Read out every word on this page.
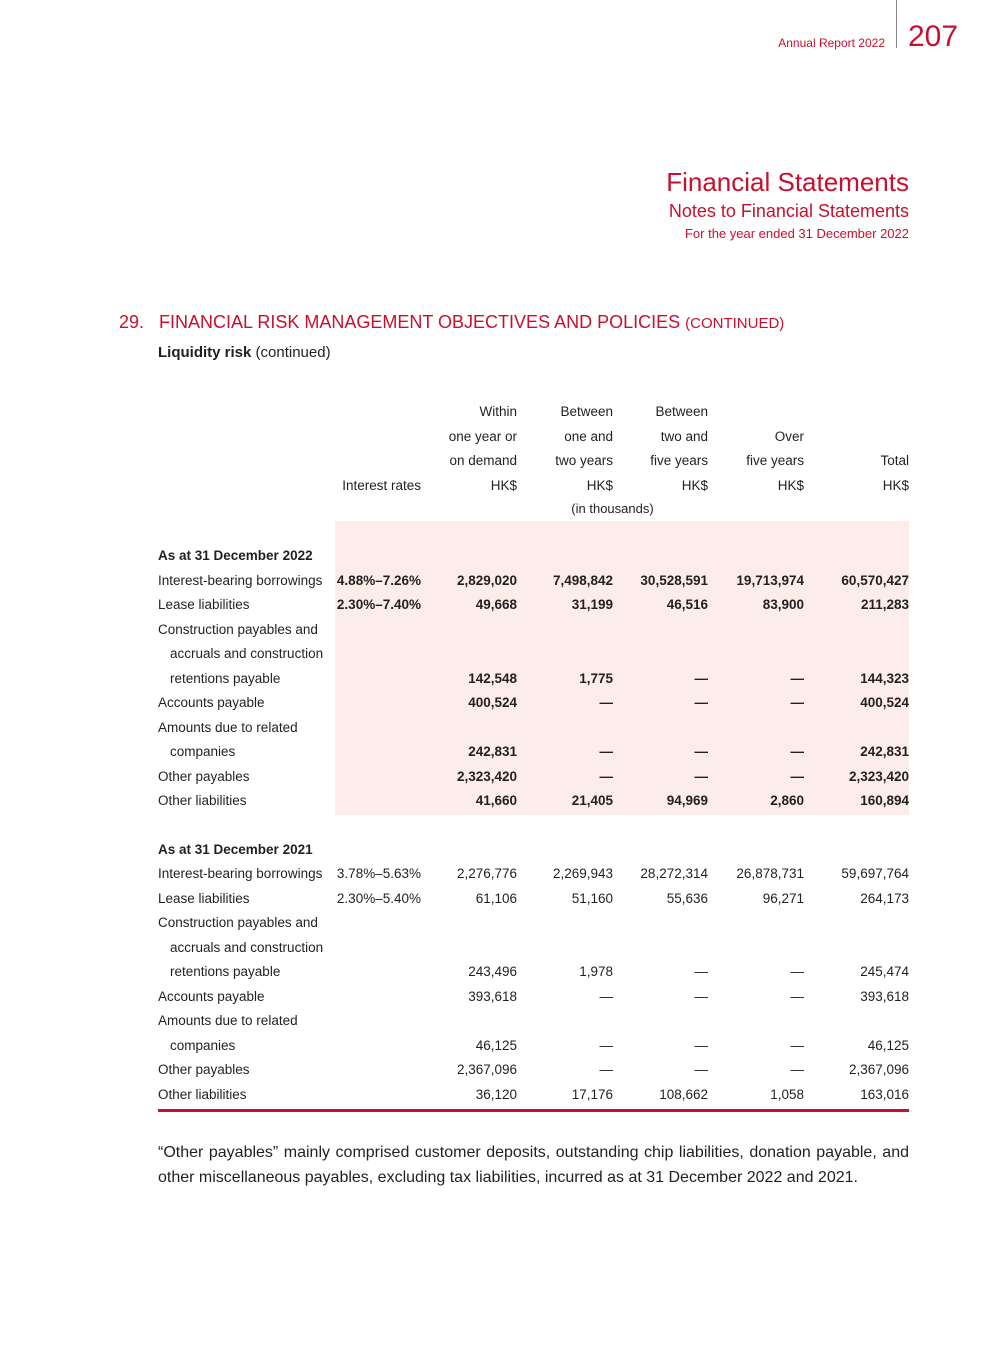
Annual Report 2022 207
Financial Statements
Notes to Financial Statements
For the year ended 31 December 2022
29. FINANCIAL RISK MANAGEMENT OBJECTIVES AND POLICIES (CONTINUED)
Liquidity risk (continued)
		Within	Between	Between		
		one year or	one and	two and	Over	
		on demand	two years	five years	five years	Total
	Interest rates	HK$	HK$	HK$	HK$	HK$
		(in thousands)				

As at 31 December 2022						
Interest-bearing borrowings	4.88%–7.26%	2,829,020	7,498,842	30,528,591	19,713,974	60,570,427
Lease liabilities	2.30%–7.40%	49,668	31,199	46,516	83,900	211,283
Construction payables and						
accruals and construction						
retentions payable		142,548	1,775	—	—	144,323
Accounts payable		400,524	—	—	—	400,524
Amounts due to related						
companies		242,831	—	—	—	242,831
Other payables		2,323,420	—	—	—	2,323,420
Other liabilities		41,660	21,405	94,969	2,860	160,894

As at 31 December 2021						
Interest-bearing borrowings	3.78%–5.63%	2,276,776	2,269,943	28,272,314	26,878,731	59,697,764
Lease liabilities	2.30%–5.40%	61,106	51,160	55,636	96,271	264,173
Construction payables and						
accruals and construction						
retentions payable		243,496	1,978	—	—	245,474
Accounts payable		393,618	—	—	—	393,618
Amounts due to related						
companies		46,125	—	—	—	46,125
Other payables		2,367,096	—	—	—	2,367,096
Other liabilities		36,120	17,176	108,662	1,058	163,016
“Other payables” mainly comprised customer deposits, outstanding chip liabilities, donation payable, and other miscellaneous payables, excluding tax liabilities, incurred as at 31 December 2022 and 2021.
